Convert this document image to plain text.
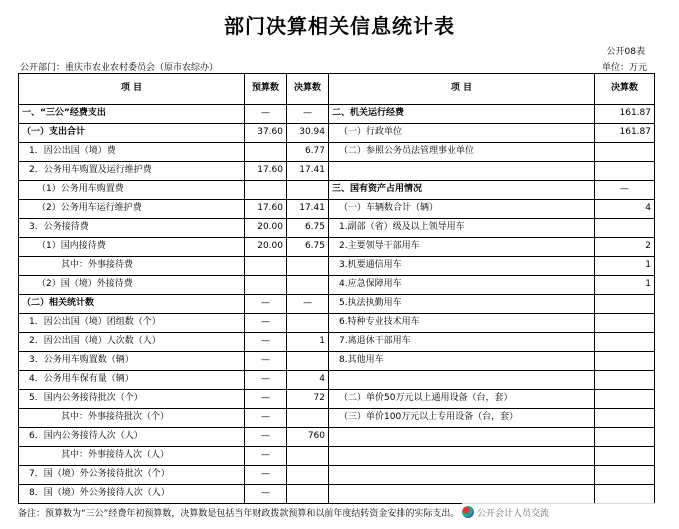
部门决算相关信息统计表
公开08表
公开部门：重庆市农业农村委员会（原市农综办）	单位：万元
项 目	预算数	决算数	项 目	决算数
一、“三公”经费支出	—	—	二、机关运行经费	161.87
（一）支出合计	37.60	30.94	（一）行政单位	161.87
1．因公出国（境）费		6.77	（二）参照公务员法管理事业单位	
2．公务用车购置及运行维护费	17.60	17.41		
（1）公务用车购置费			三、国有资产占用情况	—
（2）公务用车运行维护费	17.60	17.41	（一）车辆数合计（辆）	4
3．公务接待费	20.00	6.75	1.副部（省）级及以上领导用车	
（1）国内接待费	20.00	6.75	2.主要领导干部用车	2
其中：外事接待费			3.机要通信用车	1
（2）国（境）外接待费			4.应急保障用车	1
（二）相关统计数	—	—	5.执法执勤用车	
1．因公出国（境）团组数（个）	—		6.特种专业技术用车	
2．因公出国（境）人次数（人）	—	1	7.离退休干部用车	
3．公务用车购置数（辆）	—		8.其他用车	
4．公务用车保有量（辆）	—	4		
5．国内公务接待批次（个）	—	72	（二）单价50万元以上通用设备（台，套）	
其中：外事接待批次（个）	—		（三）单价100万元以上专用设备（台，套）	
6．国内公务接待人次（人）	—	760		
其中：外事接待人次（人）	—			
7．国（境）外公务接待批次（个）	—			
8．国（境）外公务接待人次（人）	—			
备注：预算数为“三公”经费年初预算数，决算数是包括当年财政拨款预算和以前年度结转资金安排的实际支出。	公开会计人员交流
